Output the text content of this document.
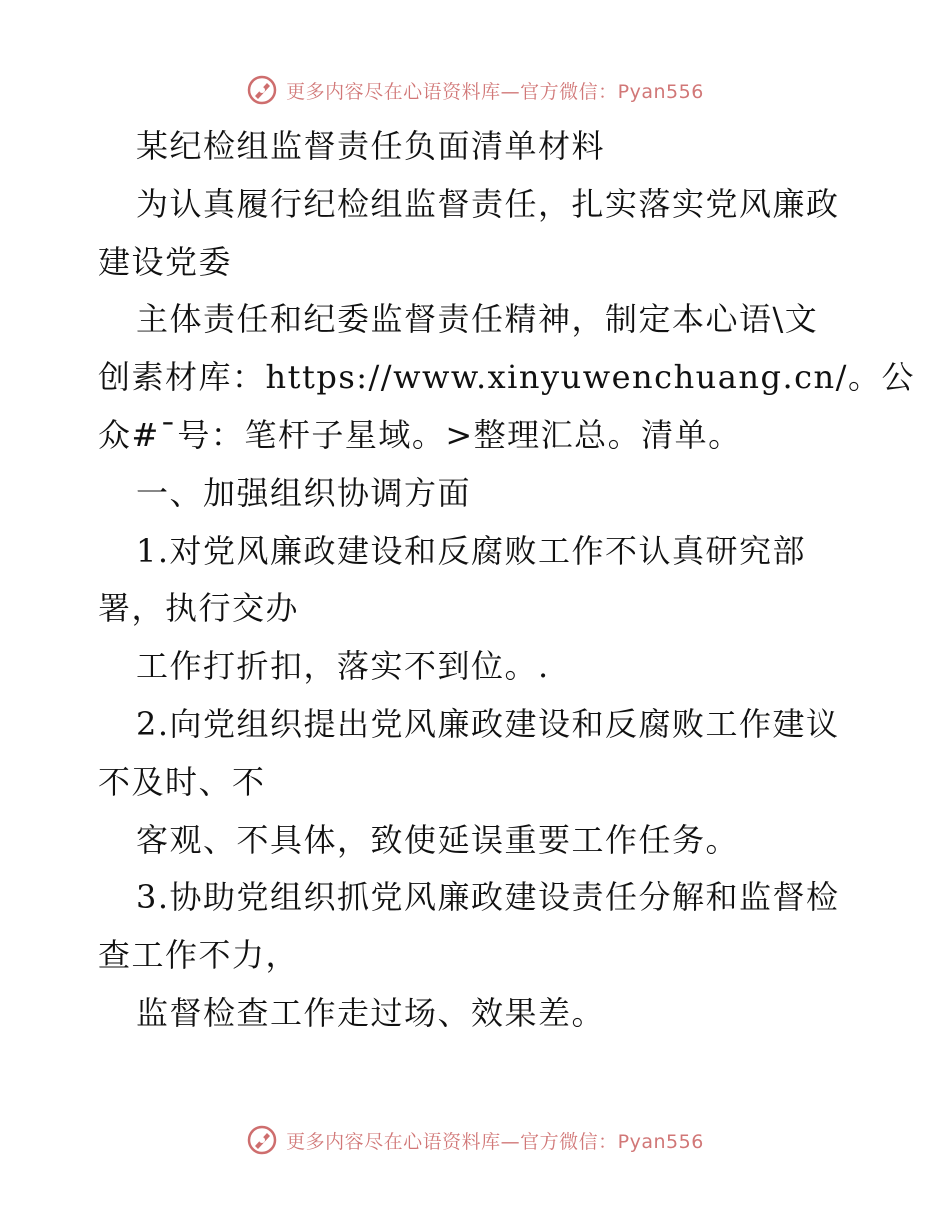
更多内容尽在心语资料库—官方微信：Pyan556
某纪检组监督责任负面清单材料
为认真履行纪检组监督责任，扎实落实党风廉政
建设党委
主体责任和纪委监督责任精神，制定本心语\文
创素材库：https://www.xinyuwenchuang.cn/。公
众#¯号：笔杆子星域。>整理汇总。清单。
一、加强组织协调方面
1.对党风廉政建设和反腐败工作不认真研究部
署，执行交办
工作打折扣，落实不到位。.
2.向党组织提出党风廉政建设和反腐败工作建议
不及时、不
客观、不具体，致使延误重要工作任务。
3.协助党组织抓党风廉政建设责任分解和监督检
查工作不力，
监督检查工作走过场、效果差。
更多内容尽在心语资料库—官方微信：Pyan556
